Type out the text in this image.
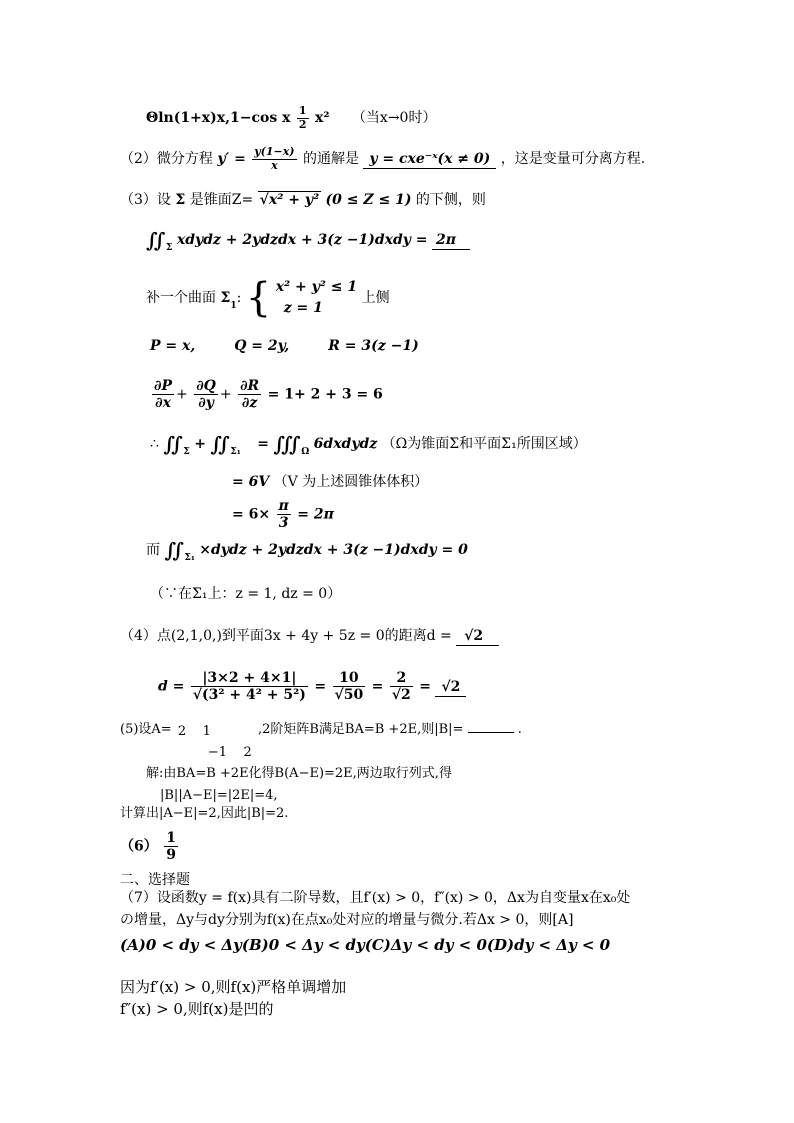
Θln(1+x)x,1−cos x $\frac{1}{2} x^2$ （当x→0时）
（2）微分方程 $y' = \frac{y(1-x)}{x}$ 的通解是 y = cxe⁻ˣ(x ≠ 0) ，这是变量可分离方程.
（3）设 Σ 是锥面Z= √x² + y² (0 ≤ Z ≤ 1) 的下侧，则
$∬_\Sigma$ xdydz + 2ydzdx + 3(z −1)dxdy = 2π
补一个曲面 $\Sigma_1$: { x² + y² ≤ 1
z = 1 上侧
P = x,        Q = 2y,        R = 3(z −1)
$\frac{\partial P}{\partial x} + \frac{\partial Q}{\partial y} + \frac{\partial R}{\partial z} = 1+ 2 + 3 = 6$
∴ $∬_\Sigma$ + $∬_{\Sigma_1}$ = $∭_\Omega$ 6dxdydz （Ω为锥面Σ和平面Σ₁所围区域）
= 6V （V 为上述圆锥体体积）
= $6\times \frac{\pi}{3} = 2\pi$
而 $∬_{\Sigma_1}$ ×dydz + 2ydzdx + 3(z −1)dxdy = 0
（∵在Σ₁上：z = 1, dz = 0）
（4）点(2,1,0,)到平面3x + 4y + 5z = 0的距离d = √2
$d = \frac{|3\times 2 + 4\times 1|}{\text{√(3² + 4² + 5²)}} = \frac{10}{√50} = \frac{2}{√2} = √2$
(5)设A= 2    1
−1    2 ,2阶矩阵B满足BA=B +2E,则|B|=	.
解:由BA=B +2E化得B(A−E)=2E,两边取行列式,得
|B||A−E|=|2E|=4,
计算出|A−E|=2,因此|B|=2.
$(6) \frac{1}{9}$
二、选择题
（7）设函数y = f(x)具有二阶导数，且f′(x) > 0，f″(x) > 0，Δx为自变量x在x₀处
の增量，Δy与dy分别为f(x)在点x₀处对应的增量与微分.若Δx > 0，则[A]
(A)0 < dy < Δy(B)0 < Δy < dy(C)Δy < dy < 0(D)dy < Δy < 0
因为f′(x) > 0,则f(x)严格单调增加
f″(x) > 0,则f(x)是凹的
